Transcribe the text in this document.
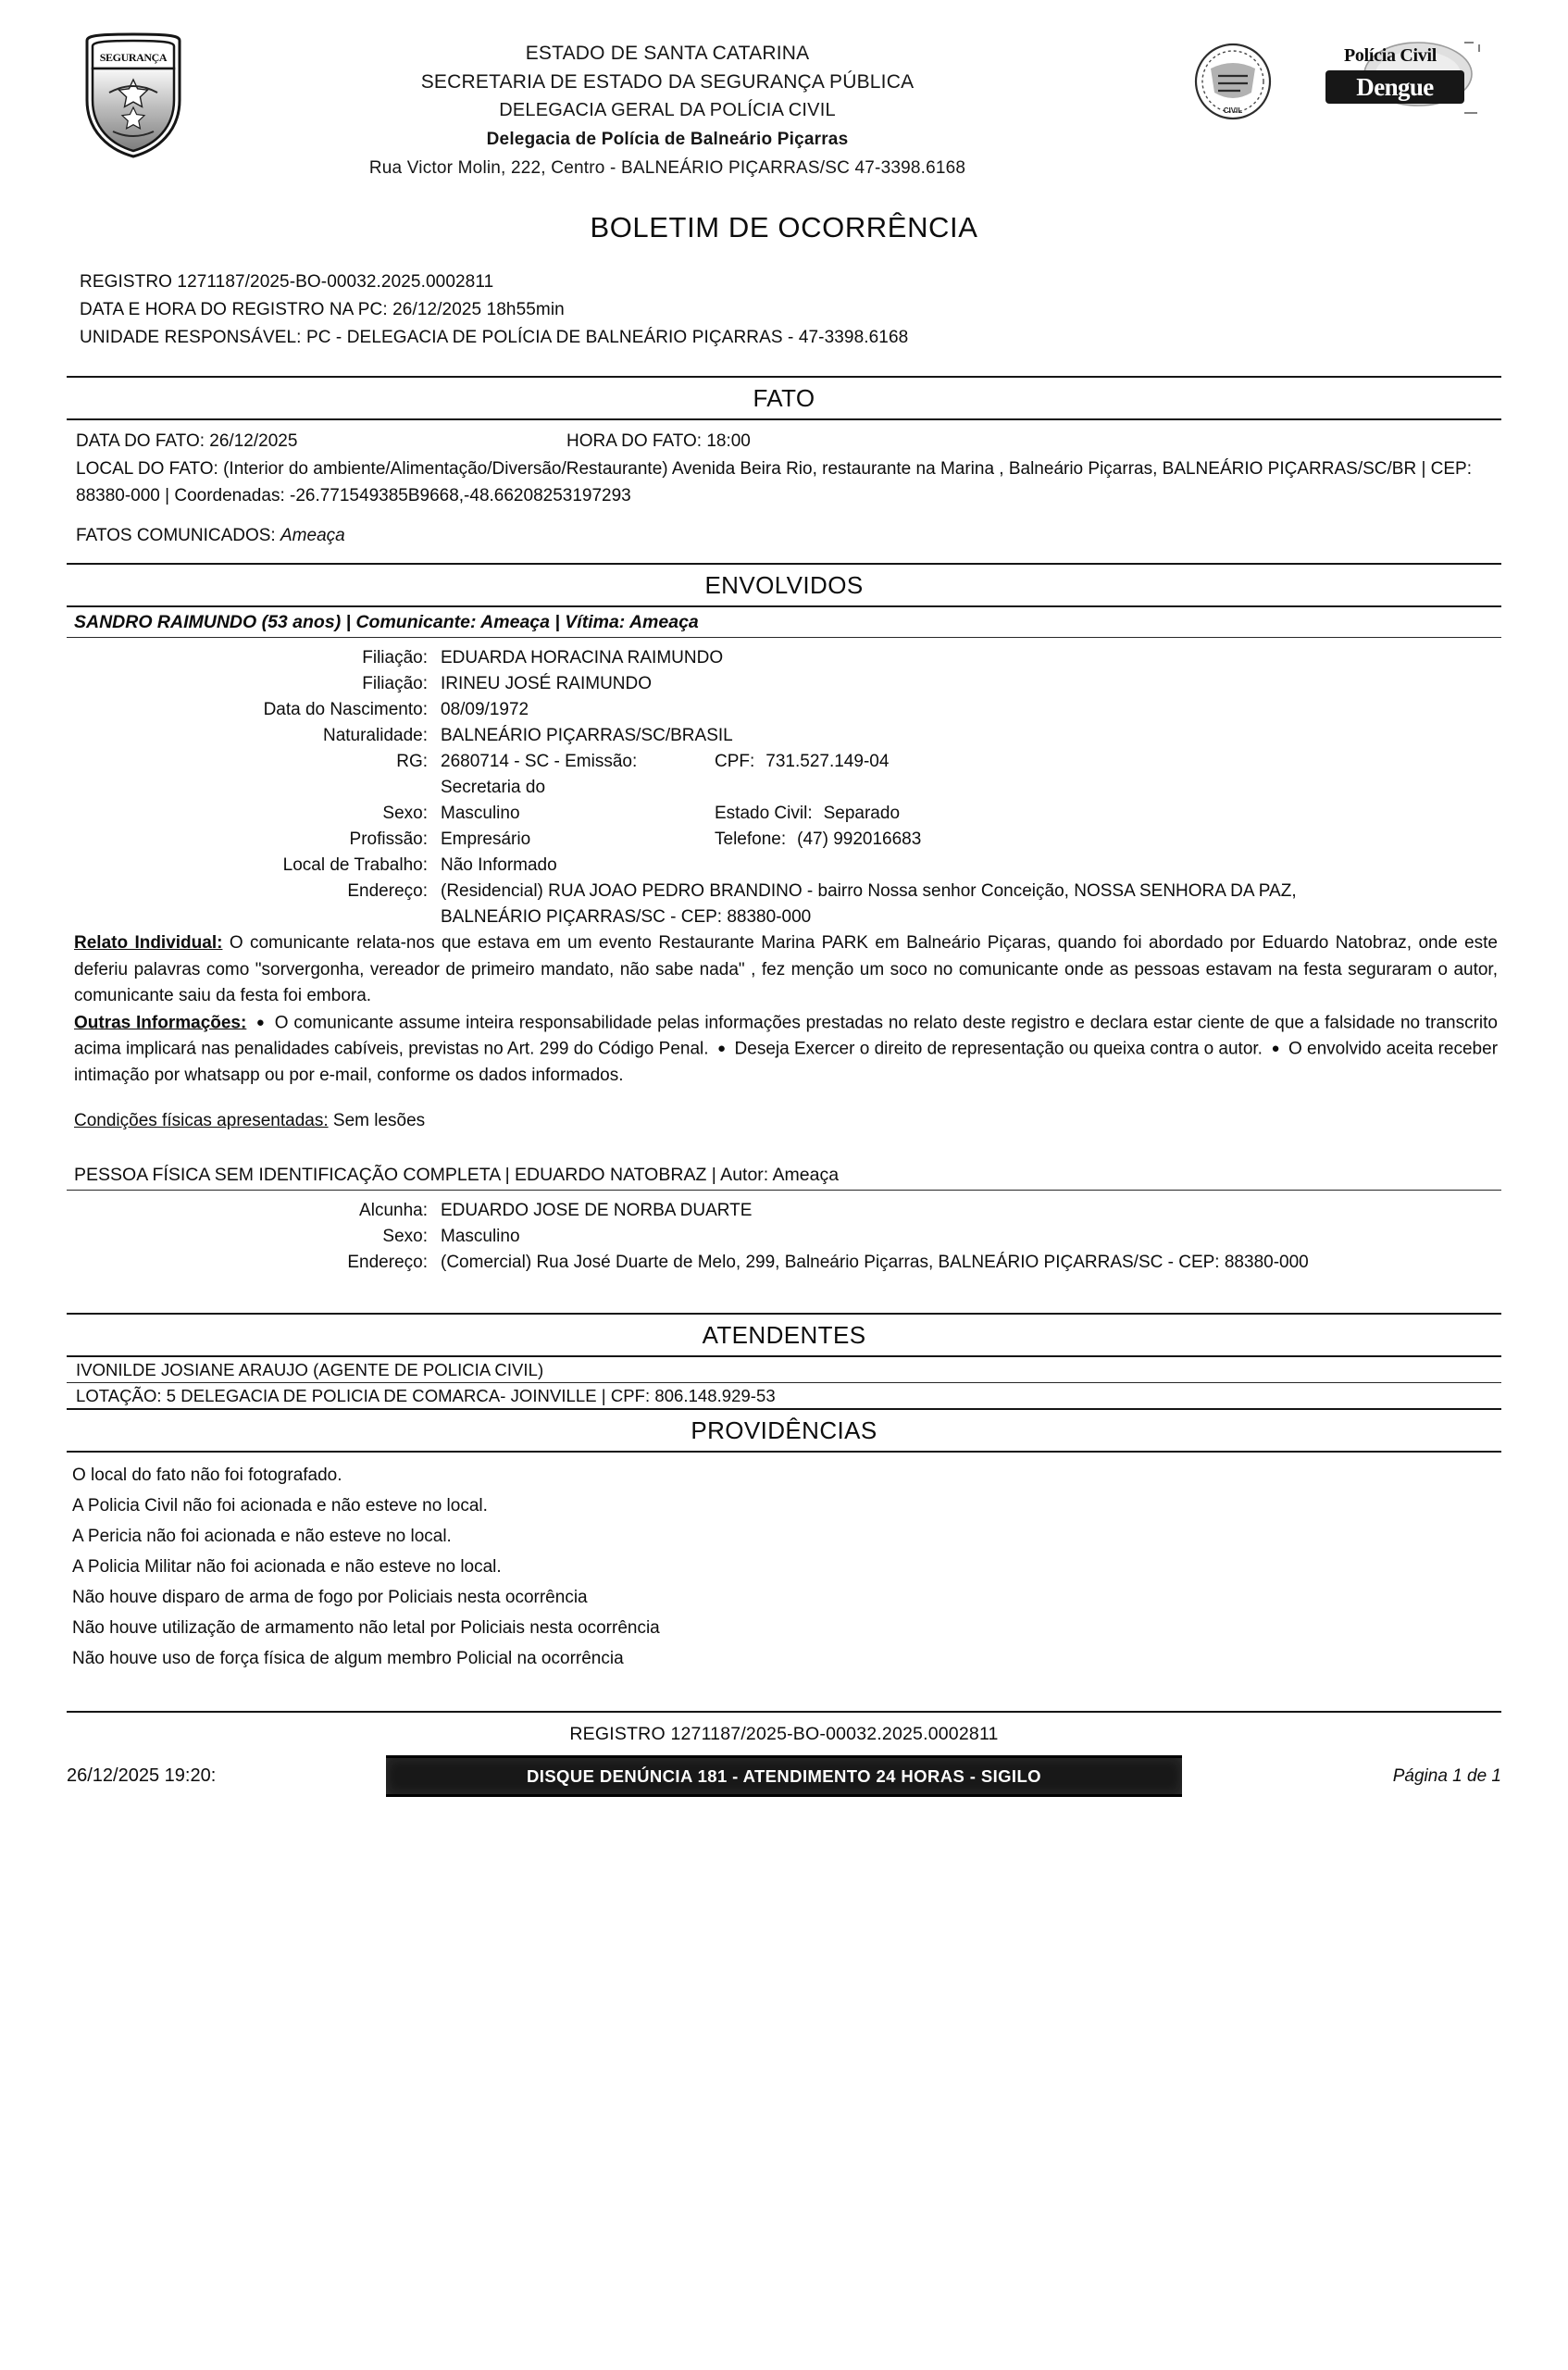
SEGURANÇA	ESTADO DE SANTA CATARINA
SECRETARIA DE ESTADO DA SEGURANÇA PÚBLICA
DELEGACIA GERAL DA POLÍCIA CIVIL
Delegacia de Polícia de Balneário Piçarras
Rua Victor Molin, 222, Centro - BALNEÁRIO PIÇARRAS/SC 47-3398.6168
CIVIL
Polícia Civil
Dengue
BOLETIM DE OCORRÊNCIA
REGISTRO 1271187/2025-BO-00032.2025.0002811
DATA E HORA DO REGISTRO NA PC: 26/12/2025 18h55min
UNIDADE RESPONSÁVEL: PC - DELEGACIA DE POLÍCIA DE BALNEÁRIO PIÇARRAS - 47-3398.6168
FATO
DATA DO FATO: 26/12/2025	HORA DO FATO: 18:00
LOCAL DO FATO: (Interior do ambiente/Alimentação/Diversão/Restaurante) Avenida Beira Rio, restaurante na Marina , Balneário Piçarras, BALNEÁRIO PIÇARRAS/SC/BR | CEP: 88380-000 | Coordenadas: -26.771549385B9668,-48.66208253197293
FATOS COMUNICADOS: Ameaça
ENVOLVIDOS
SANDRO RAIMUNDO (53 anos) | Comunicante: Ameaça | Vítima: Ameaça
Filiação: EDUARDA HORACINA RAIMUNDO
Filiação: IRINEU JOSÉ RAIMUNDO
Data do Nascimento: 08/09/1972
Naturalidade: BALNEÁRIO PIÇARRAS/SC/BRASIL
RG: 2680714 - SC - Emissão: Secretaria do
CPF: 731.527.149-04
Sexo: Masculino	Estado Civil: Separado
Profissão: Empresário	Telefone: (47) 992016683
Local de Trabalho: Não Informado
Endereço: (Residencial) RUA JOAO PEDRO BRANDINO - bairro Nossa senhor Conceição, NOSSA SENHORA DA PAZ,
BALNEÁRIO PIÇARRAS/SC - CEP: 88380-000
Relato Individual: O comunicante relata-nos que estava em um evento Restaurante Marina PARK em Balneário Piçaras, quando foi abordado por Eduardo Natobraz, onde este deferiu palavras como "sorvergonha, vereador de primeiro mandato, não sabe nada" , fez menção um soco no comunicante onde as pessoas estavam na festa seguraram o autor, comunicante saiu da festa foi embora.
Outras Informações:  ●  O comunicante assume inteira responsabilidade pelas informações prestadas no relato deste registro e declara estar ciente de que a falsidade no transcrito acima implicará nas penalidades cabíveis, previstas no Art. 299 do Código Penal.  ●  Deseja Exercer o direito de representação ou queixa contra o autor.  ●  O envolvido aceita receber intimação por whatsapp ou por e-mail, conforme os dados informados.
Condições físicas apresentadas: Sem lesões
PESSOA FÍSICA SEM IDENTIFICAÇÃO COMPLETA | EDUARDO NATOBRAZ | Autor: Ameaça
Alcunha: EDUARDO JOSE DE NORBA DUARTE
Sexo: Masculino
Endereço: (Comercial) Rua José Duarte de Melo, 299, Balneário Piçarras, BALNEÁRIO PIÇARRAS/SC - CEP: 88380-000
ATENDENTES
IVONILDE JOSIANE ARAUJO (AGENTE DE POLICIA CIVIL)
LOTAÇÃO: 5 DELEGACIA DE POLICIA DE COMARCA- JOINVILLE | CPF: 806.148.929-53
PROVIDÊNCIAS
O local do fato não foi fotografado.
A Policia Civil não foi acionada e não esteve no local.
A Pericia não foi acionada e não esteve no local.
A Policia Militar não foi acionada e não esteve no local.
Não houve disparo de arma de fogo por Policiais nesta ocorrência
Não houve utilização de armamento não letal por Policiais nesta ocorrência
Não houve uso de força física de algum membro Policial na ocorrência
REGISTRO 1271187/2025-BO-00032.2025.0002811
26/12/2025 19:20:	DISQUE DENÚNCIA 181 - ATENDIMENTO 24 HORAS - SIGILO	Página 1 de 1
